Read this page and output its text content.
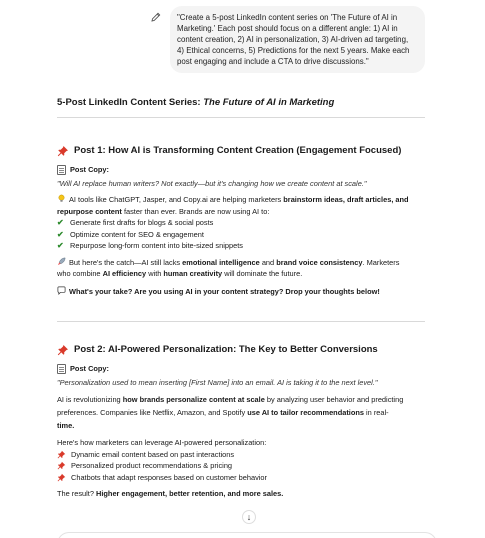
"Create a 5-post LinkedIn content series on 'The Future of AI in Marketing.' Each post should focus on a different angle: 1) AI in content creation, 2) AI in personalization, 3) AI-driven ad targeting, 4) Ethical concerns, 5) Predictions for the next 5 years. Make each post engaging and include a CTA to drive discussions."
5-Post LinkedIn Content Series: The Future of AI in Marketing
Post 1: How AI is Transforming Content Creation (Engagement Focused)
Post Copy:
"Will AI replace human writers? Not exactly—but it's changing how we create content at scale."
AI tools like ChatGPT, Jasper, and Copy.ai are helping marketers brainstorm ideas, draft articles, and
repurpose content faster than ever. Brands are now using AI to:
✔ Generate first drafts for blogs & social posts
✔ Optimize content for SEO & engagement
✔ Repurpose long-form content into bite-sized snippets
But here's the catch—AI still lacks emotional intelligence and brand voice consistency. Marketers
who combine AI efficiency with human creativity will dominate the future.
What's your take? Are you using AI in your content strategy? Drop your thoughts below!
Post 2: AI-Powered Personalization: The Key to Better Conversions
Post Copy:
"Personalization used to mean inserting [First Name] into an email. AI is taking it to the next level."
AI is revolutionizing how brands personalize content at scale by analyzing user behavior and predicting
preferences. Companies like Netflix, Amazon, and Spotify use AI to tailor recommendations in real-
time.
Here's how marketers can leverage AI-powered personalization:
Dynamic email content based on past interactions
Personalized product recommendations & pricing
Chatbots that adapt responses based on customer behavior
The result? Higher engagement, better retention, and more sales.
↓
